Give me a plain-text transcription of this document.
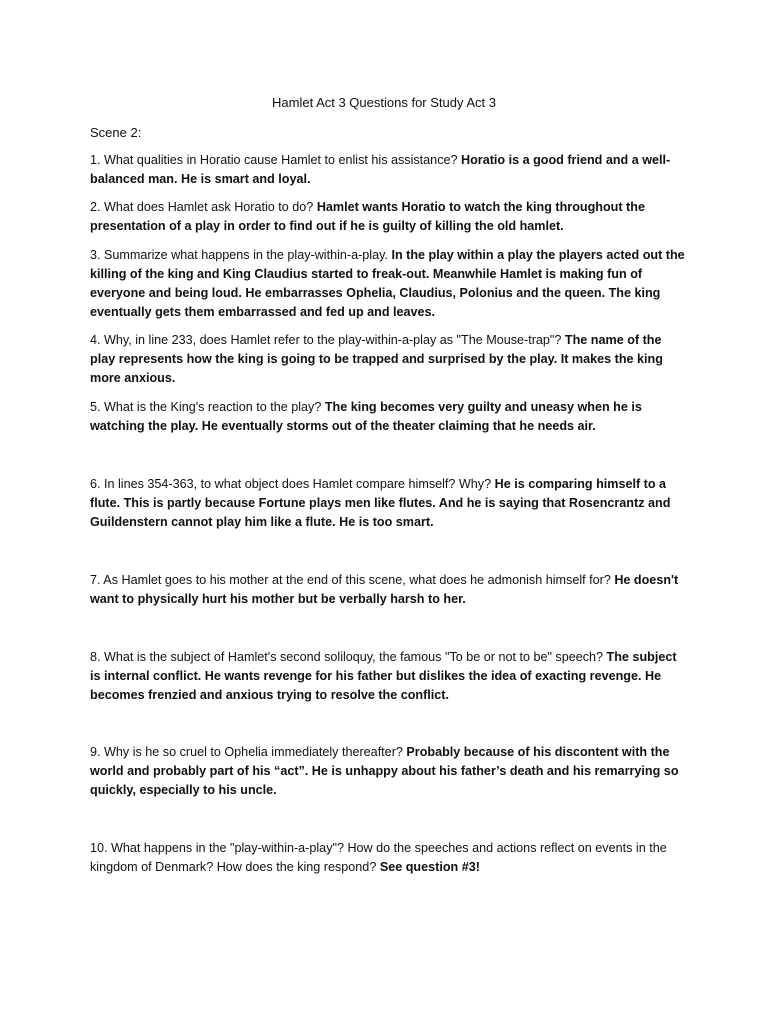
Hamlet Act 3 Questions for Study Act 3
Scene 2:

1. What qualities in Horatio cause Hamlet to enlist his assistance? Horatio is a good friend and a well-balanced man. He is smart and loyal.

2. What does Hamlet ask Horatio to do? Hamlet wants Horatio to watch the king throughout the presentation of a play in order to find out if he is guilty of killing the old hamlet.

3. Summarize what happens in the play-within-a-play. In the play within a play the players acted out the killing of the king and King Claudius started to freak-out. Meanwhile Hamlet is making fun of everyone and being loud. He embarrasses Ophelia, Claudius, Polonius and the queen. The king eventually gets them embarrassed and fed up and leaves.

4. Why, in line 233, does Hamlet refer to the play-within-a-play as "The Mouse-trap"? The name of the play represents how the king is going to be trapped and surprised by the play. It makes the king more anxious.

5. What is the King's reaction to the play? The king becomes very guilty and uneasy when he is watching the play. He eventually storms out of the theater claiming that he needs air.

6. In lines 354-363, to what object does Hamlet compare himself? Why? He is comparing himself to a flute. This is partly because Fortune plays men like flutes. And he is saying that Rosencrantz and Guildenstern cannot play him like a flute. He is too smart.

7. As Hamlet goes to his mother at the end of this scene, what does he admonish himself for? He doesn't want to physically hurt his mother but be verbally harsh to her.

8. What is the subject of Hamlet's second soliloquy, the famous "To be or not to be" speech? The subject is internal conflict. He wants revenge for his father but dislikes the idea of exacting revenge. He becomes frenzied and anxious trying to resolve the conflict.

9. Why is he so cruel to Ophelia immediately thereafter? Probably because of his discontent with the world and probably part of his “act”. He is unhappy about his father’s death and his remarrying so quickly, especially to his uncle.

10. What happens in the "play-within-a-play"? How do the speeches and actions reflect on events in the kingdom of Denmark? How does the king respond? See question #3!
